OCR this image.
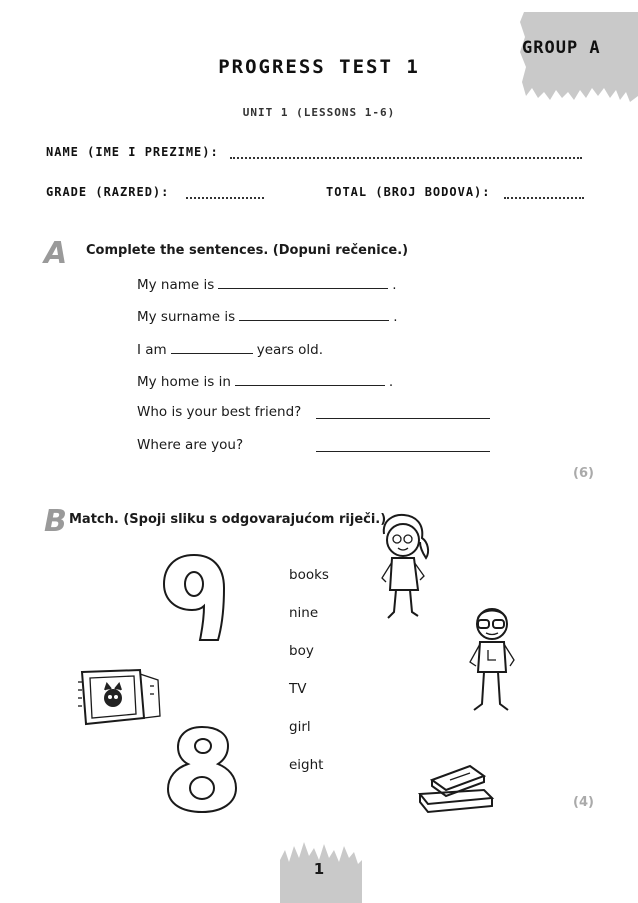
GROUP A
PROGRESS TEST 1
UNIT 1 (LESSONS 1-6)
NAME (IME I PREZIME):
GRADE (RAZRED):	TOTAL (BROJ BODOVA):
A Complete the sentences. (Dopuni rečenice.)
My name is	.
My surname is	.
I am	years old.
My home is in	.
Who is your best friend?
Where are you?
(6)
B Match. (Spoji sliku s odgovarajućom riječi.)
books
nine
boy
TV
girl
eight
(4)
1
